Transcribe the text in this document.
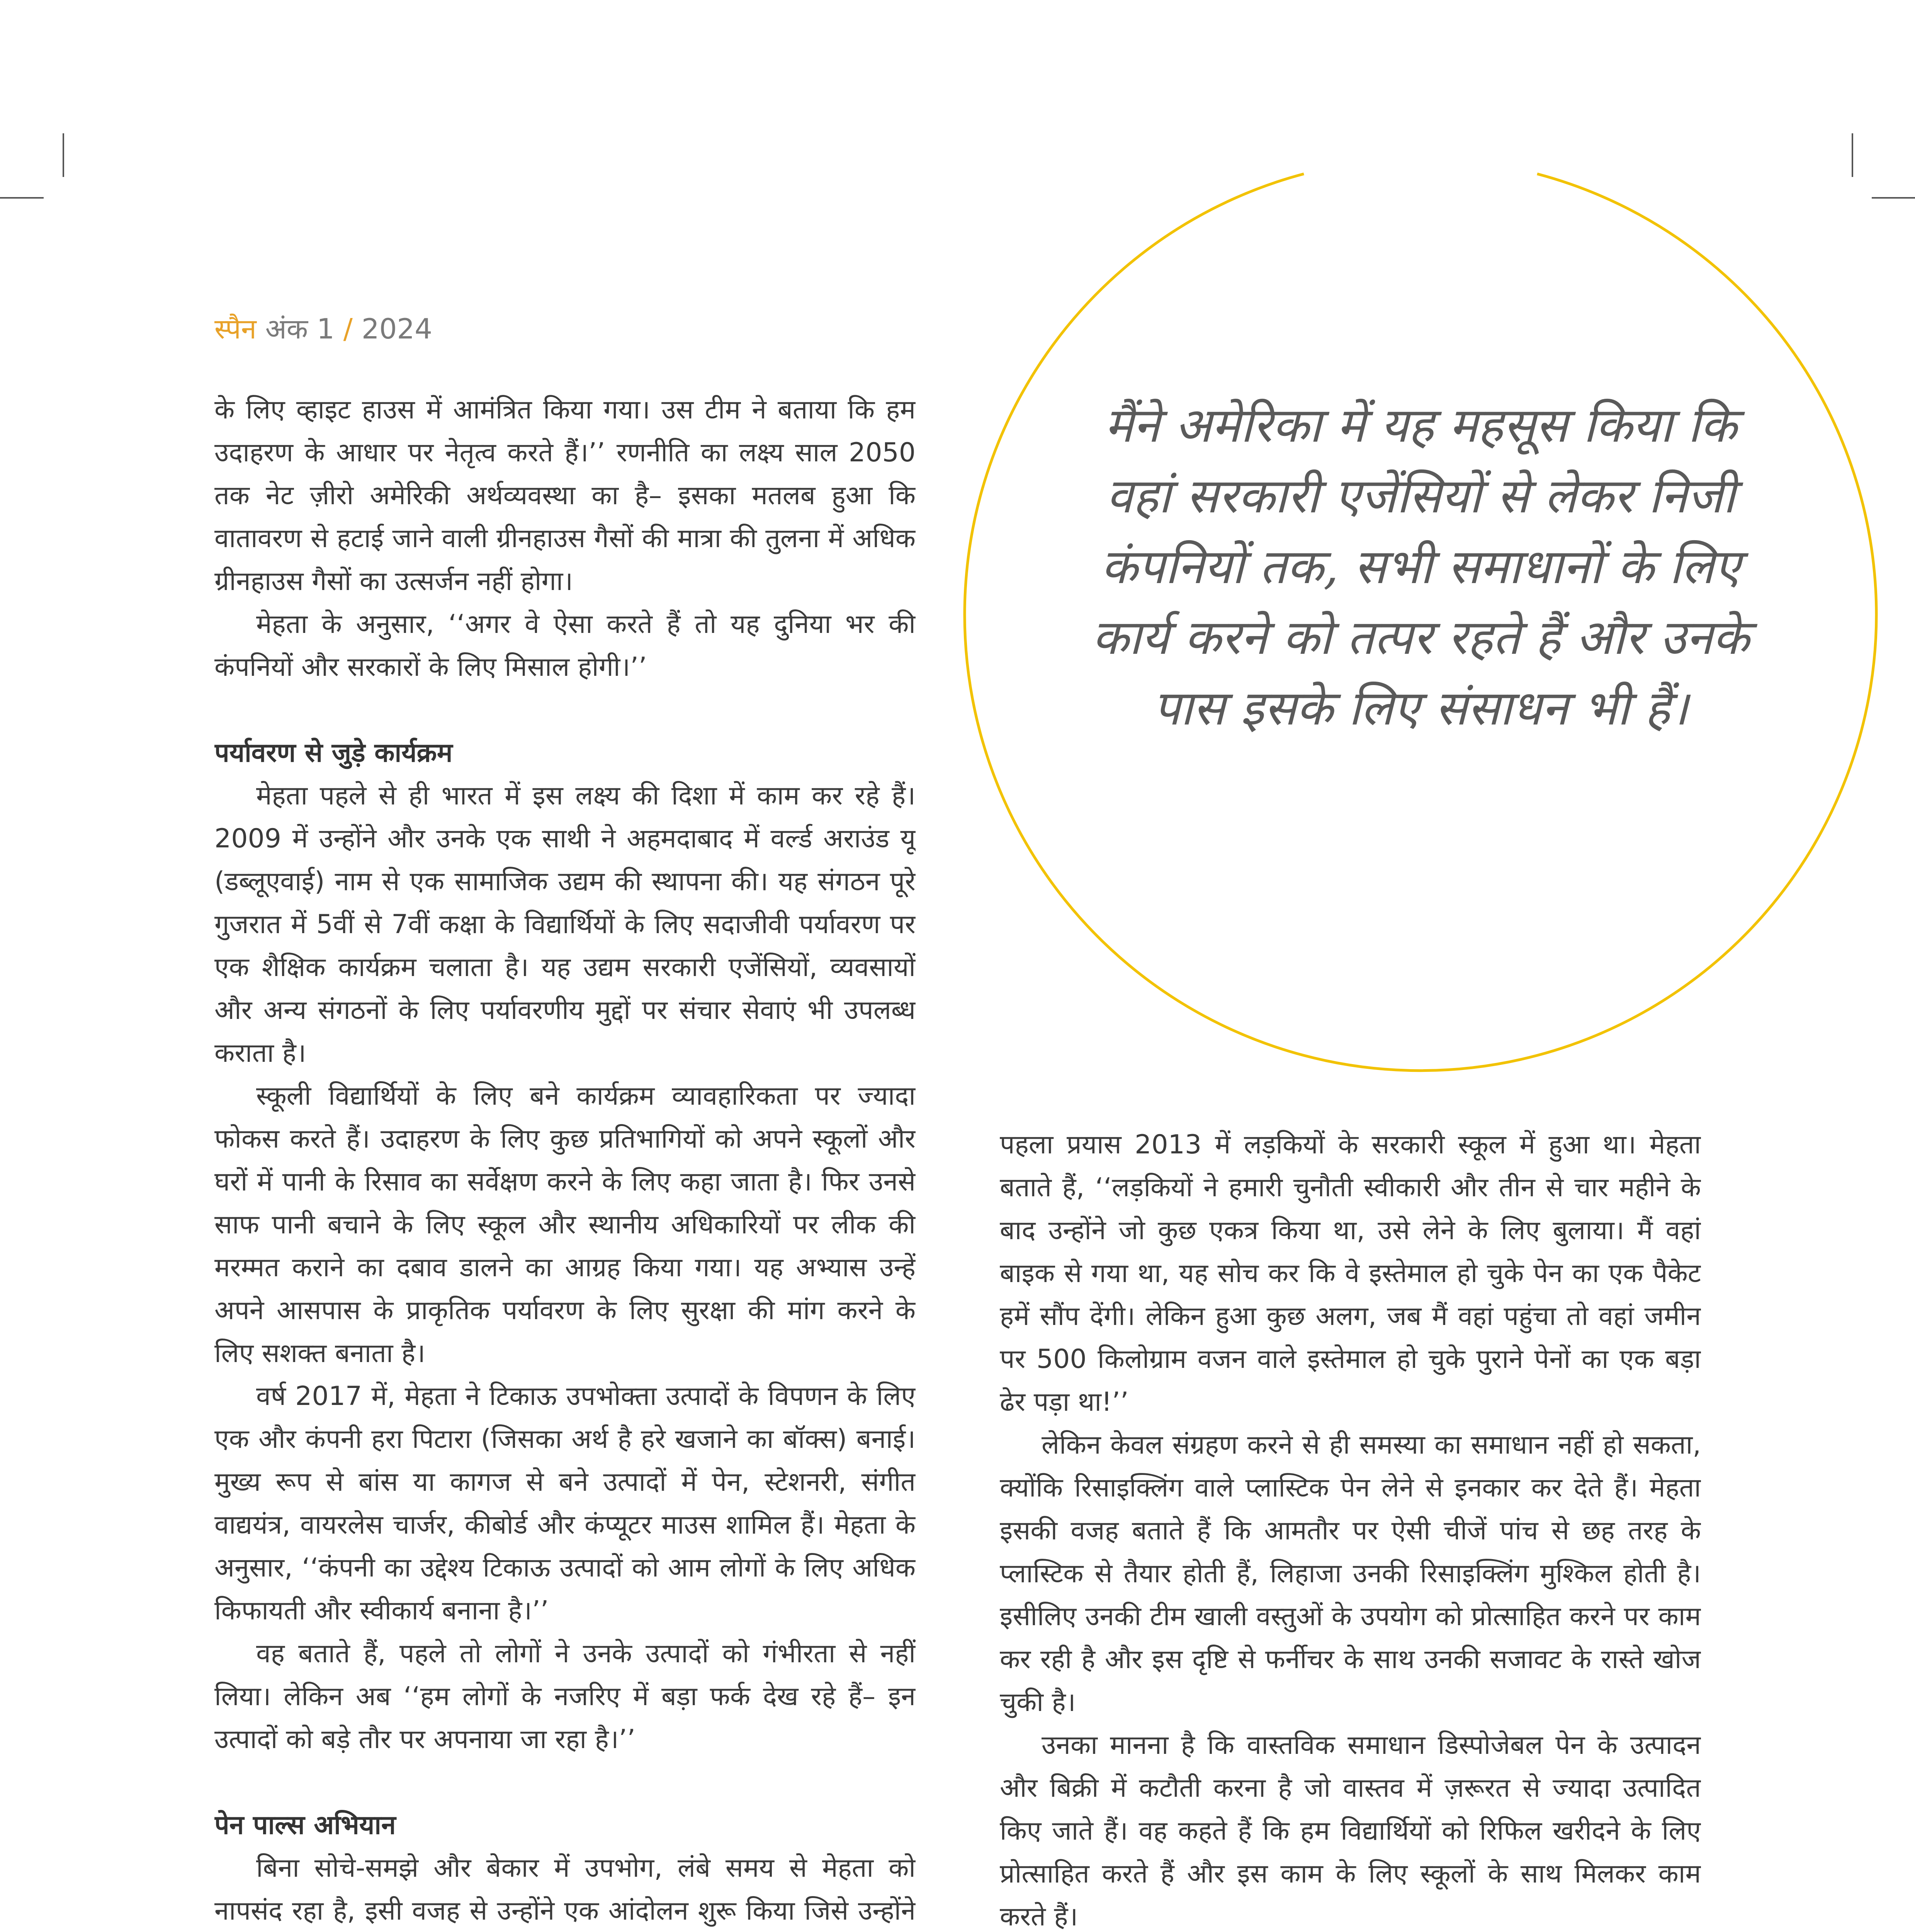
स्पैन अंक 1 / 2024
मैंने अमेरिका में यह महसूस किया कि वहां सरकारी एजेंसियों से लेकर निजी कंपनियों तक, सभी समाधानों के लिए कार्य करने को तत्पर रहते हैं और उनके पास इसके लिए संसाधन भी हैं।

के लिए व्हाइट हाउस में आमंत्रित किया गया। उस टीम ने बताया कि हम उदाहरण के आधार पर नेतृत्व करते हैं।’’ रणनीति का लक्ष्य साल 2050 तक नेट ज़ीरो अमेरिकी अर्थव्यवस्था का है– इसका मतलब हुआ कि वातावरण से हटाई जाने वाली ग्रीनहाउस गैसों की मात्रा की तुलना में अधिक ग्रीनहाउस गैसों का उत्सर्जन नहीं होगा।

मेहता के अनुसार, ‘‘अगर वे ऐसा करते हैं तो यह दुनिया भर की कंपनियों और सरकारों के लिए मिसाल होगी।’’

पर्यावरण से जुड़े कार्यक्रम

मेहता पहले से ही भारत में इस लक्ष्य की दिशा में काम कर रहे हैं। 2009 में उन्होंने और उनके एक साथी ने अहमदाबाद में वर्ल्ड अराउंड यू (डब्लूएवाई) नाम से एक सामाजिक उद्यम की स्थापना की। यह संगठन पूरे गुजरात में 5वीं से 7वीं कक्षा के विद्यार्थियों के लिए सदाजीवी पर्यावरण पर एक शैक्षिक कार्यक्रम चलाता है। यह उद्यम सरकारी एजेंसियों, व्यवसायों और अन्य संगठनों के लिए पर्यावरणीय मुद्दों पर संचार सेवाएं भी उपलब्ध कराता है।

स्कूली विद्यार्थियों के लिए बने कार्यक्रम व्यावहारिकता पर ज्यादा फोकस करते हैं। उदाहरण के लिए कुछ प्रतिभागियों को अपने स्कूलों और घरों में पानी के रिसाव का सर्वेक्षण करने के लिए कहा जाता है। फिर उनसे साफ पानी बचाने के लिए स्कूल और स्थानीय अधिकारियों पर लीक की मरम्मत कराने का दबाव डालने का आग्रह किया गया। यह अभ्यास उन्हें अपने आसपास के प्राकृतिक पर्यावरण के लिए सुरक्षा की मांग करने के लिए सशक्त बनाता है।

वर्ष 2017 में, मेहता ने टिकाऊ उपभोक्ता उत्पादों के विपणन के लिए एक और कंपनी हरा पिटारा (जिसका अर्थ है हरे खजाने का बॉक्स) बनाई। मुख्य रूप से बांस या कागज से बने उत्पादों में पेन, स्टेशनरी, संगीत वाद्ययंत्र, वायरलेस चार्जर, कीबोर्ड और कंप्यूटर माउस शामिल हैं। मेहता के अनुसार, ‘‘कंपनी का उद्देश्य टिकाऊ उत्पादों को आम लोगों के लिए अधिक किफायती और स्वीकार्य बनाना है।’’

वह बताते हैं, पहले तो लोगों ने उनके उत्पादों को गंभीरता से नहीं लिया। लेकिन अब ‘‘हम लोगों के नजरिए में बड़ा फर्क देख रहे हैं– इन उत्पादों को बड़े तौर पर अपनाया जा रहा है।’’

पेन पाल्स अभियान

बिना सोचे-समझे और बेकार में उपभोग, लंबे समय से मेहता को नापसंद रहा है, इसी वजह से उन्होंने एक आंदोलन शुरू किया जिसे उन्होंने

पहला प्रयास 2013 में लड़कियों के सरकारी स्कूल में हुआ था। मेहता बताते हैं, ‘‘लड़कियों ने हमारी चुनौती स्वीकारी और तीन से चार महीने के बाद उन्होंने जो कुछ एकत्र किया था, उसे लेने के लिए बुलाया। मैं वहां बाइक से गया था, यह सोच कर कि वे इस्तेमाल हो चुके पेन का एक पैकेट हमें सौंप देंगी। लेकिन हुआ कुछ अलग, जब मैं वहां पहुंचा तो वहां जमीन पर 500 किलोग्राम वजन वाले इस्तेमाल हो चुके पुराने पेनों का एक बड़ा ढेर पड़ा था!’’

लेकिन केवल संग्रहण करने से ही समस्या का समाधान नहीं हो सकता, क्योंकि रिसाइक्लिंग वाले प्लास्टिक पेन लेने से इनकार कर देते हैं। मेहता इसकी वजह बताते हैं कि आमतौर पर ऐसी चीजें पांच से छह तरह के प्लास्टिक से तैयार होती हैं, लिहाजा उनकी रिसाइक्लिंग मुश्किल होती है। इसीलिए उनकी टीम खाली वस्तुओं के उपयोग को प्रोत्साहित करने पर काम कर रही है और इस दृष्टि से फर्नीचर के साथ उनकी सजावट के रास्ते खोज चुकी है।

उनका मानना है कि वास्तविक समाधान डिस्पोजेबल पेन के उत्पादन और बिक्री में कटौती करना है जो वास्तव में ज़रूरत से ज्यादा उत्पादित किए जाते हैं। वह कहते हैं कि हम विद्यार्थियों को रिफिल खरीदने के लिए प्रोत्साहित करते हैं और इस काम के लिए स्कूलों के साथ मिलकर काम करते हैं।
